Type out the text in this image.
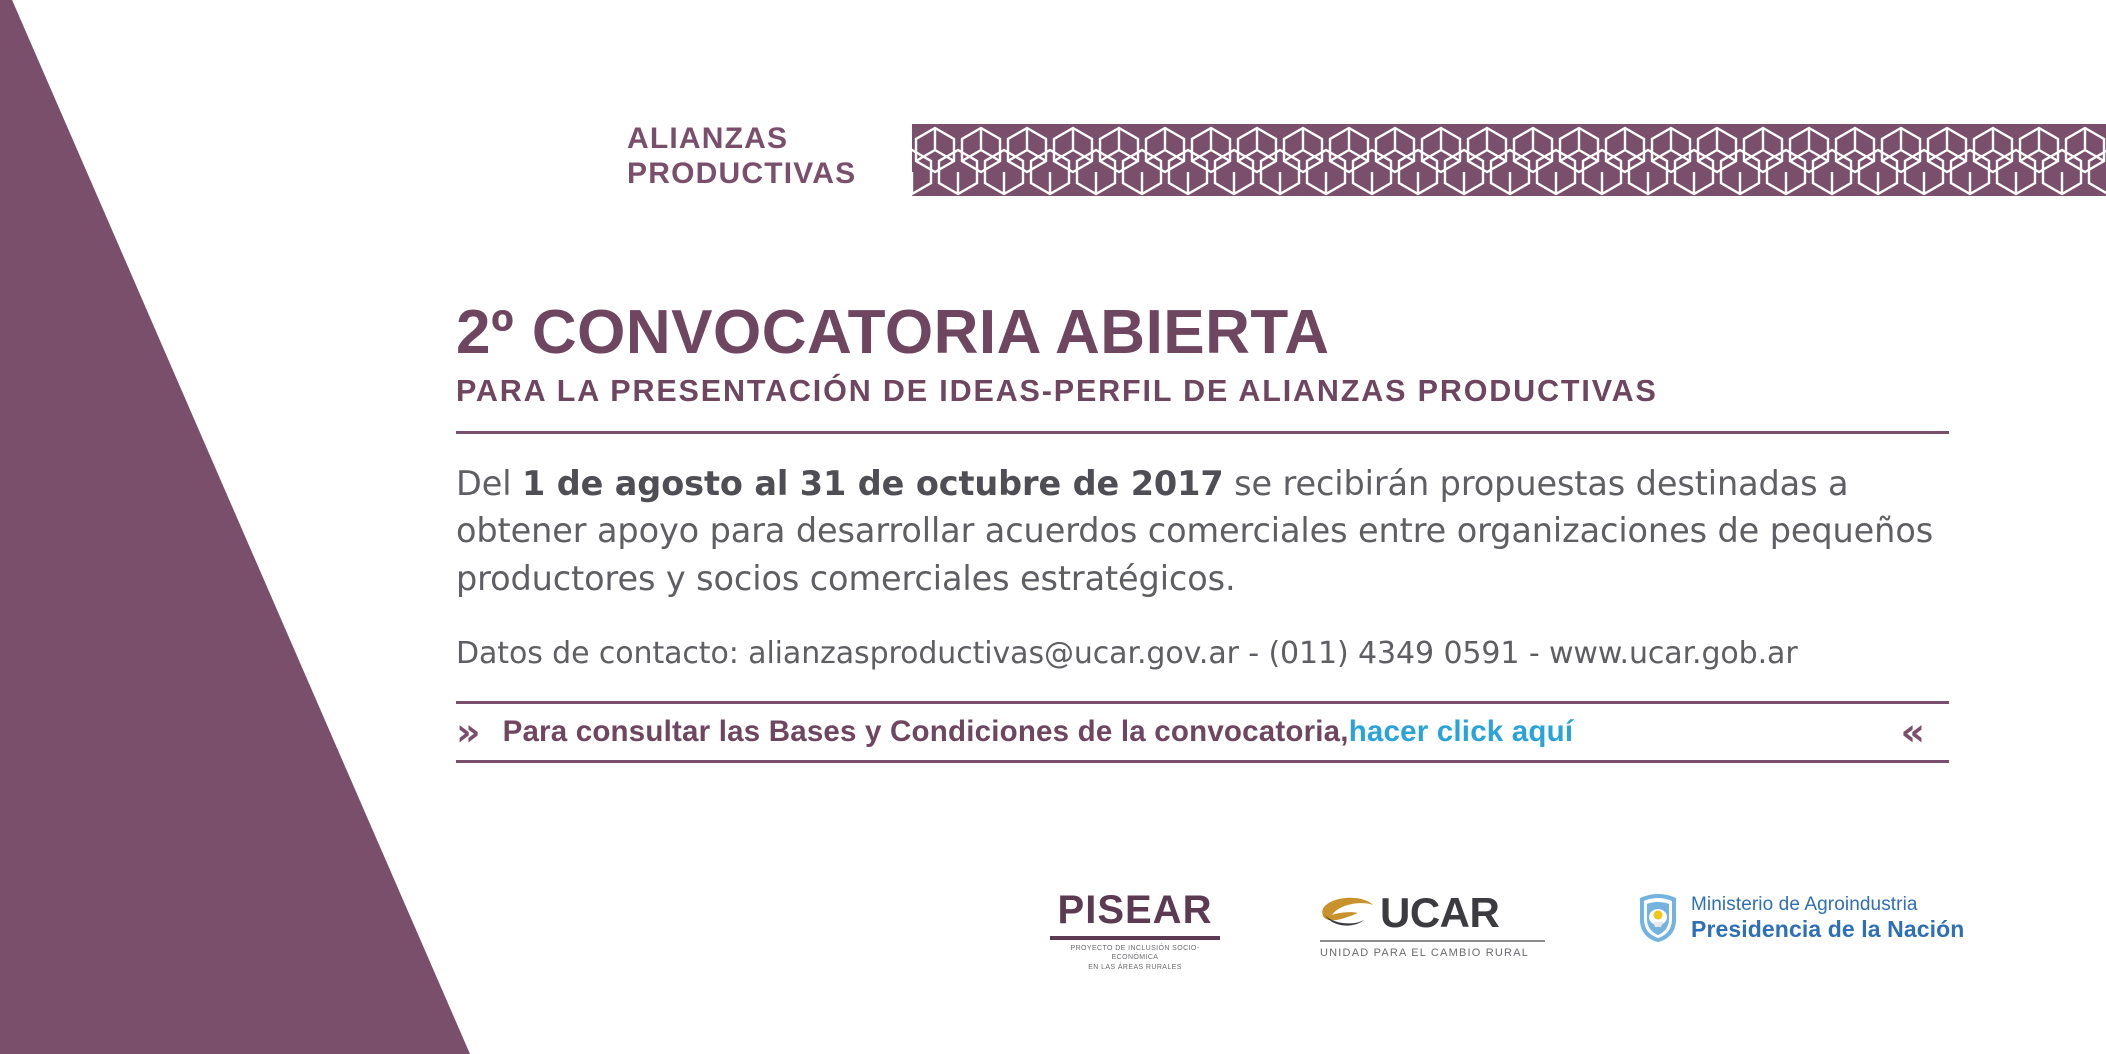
ALIANZAS
PRODUCTIVAS
2º CONVOCATORIA ABIERTA
PARA LA PRESENTACIÓN DE IDEAS-PERFIL DE ALIANZAS PRODUCTIVAS

Del 1 de agosto al 31 de octubre de 2017 se recibirán propuestas destinadas a obtener apoyo para desarrollar acuerdos comerciales entre organizaciones de pequeños productores y socios comerciales estratégicos.

Datos de contacto: alianzasproductivas@ucar.gov.ar - (011) 4349 0591 - www.ucar.gob.ar

» Para consultar las Bases y Condiciones de la convocatoria, hacer click aquí	«
PISEAR
PROYECTO DE INCLUSIÓN SOCIO-ECONÓMICA
EN LAS ÁREAS RURALES
UCAR
UNIDAD PARA EL CAMBIO RURAL
Ministerio de Agroindustria
Presidencia de la Nación
